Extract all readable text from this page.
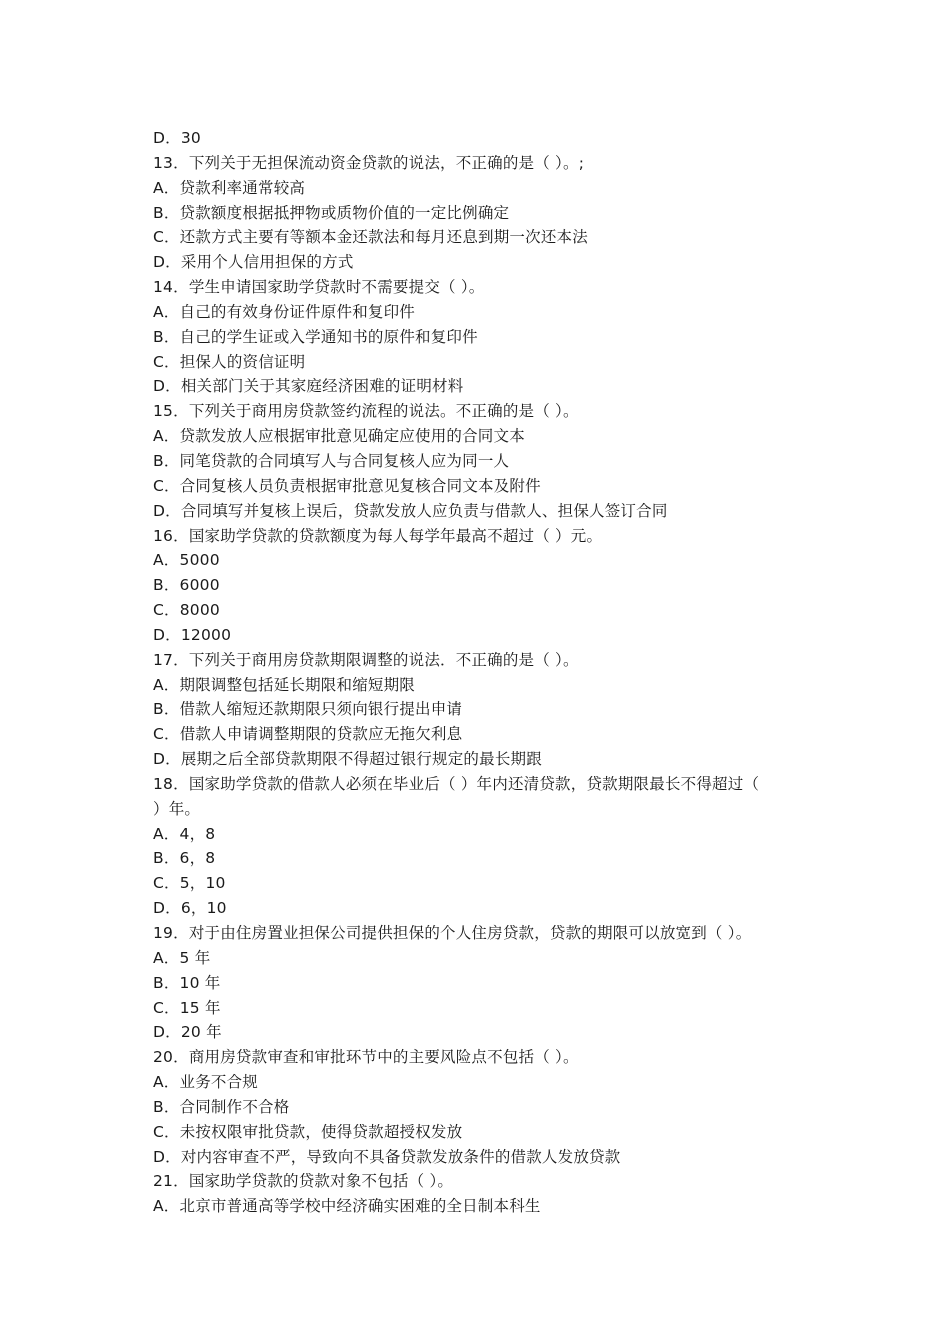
D．30
13．下列关于无担保流动资金贷款的说法，不正确的是（ ）。;
A．贷款利率通常较高
B．贷款额度根据抵押物或质物价值的一定比例确定
C．还款方式主要有等额本金还款法和每月还息到期一次还本法
D．采用个人信用担保的方式
14．学生申请国家助学贷款时不需要提交（ ）。
A．自己的有效身份证件原件和复印件
B．自己的学生证或入学通知书的原件和复印件
C．担保人的资信证明
D．相关部门关于其家庭经济困难的证明材料
15．下列关于商用房贷款签约流程的说法。不正确的是（ ）。
A．贷款发放人应根据审批意见确定应使用的合同文本
B．同笔贷款的合同填写人与合同复核人应为同一人
C．合同复核人员负责根据审批意见复核合同文本及附件
D．合同填写并复核上误后，贷款发放人应负责与借款人、担保人签订合同
16．国家助学贷款的贷款额度为每人每学年最高不超过（ ）元。
A．5000
B．6000
C．8000
D．12000
17．下列关于商用房贷款期限调整的说法．不正确的是（ ）。
A．期限调整包括延长期限和缩短期限
B．借款人缩短还款期限只须向银行提出申请
C．借款人申请调整期限的贷款应无拖欠利息
D．展期之后全部贷款期限不得超过银行规定的最长期跟
18．国家助学贷款的借款人必须在毕业后（ ）年内还清贷款，贷款期限最长不得超过（
）年。
A．4，8
B．6，8
C．5，10
D．6，10
19．对于由住房置业担保公司提供担保的个人住房贷款，贷款的期限可以放宽到（ ）。
A．5 年
B．10 年
C．15 年
D．20 年
20．商用房贷款审查和审批环节中的主要风险点不包括（ ）。
A．业务不合规
B．合同制作不合格
C．未按权限审批贷款，使得贷款超授权发放
D．对内容审查不严，导致向不具备贷款发放条件的借款人发放贷款
21．国家助学贷款的贷款对象不包括（ ）。
A．北京市普通高等学校中经济确实困难的全日制本科生
